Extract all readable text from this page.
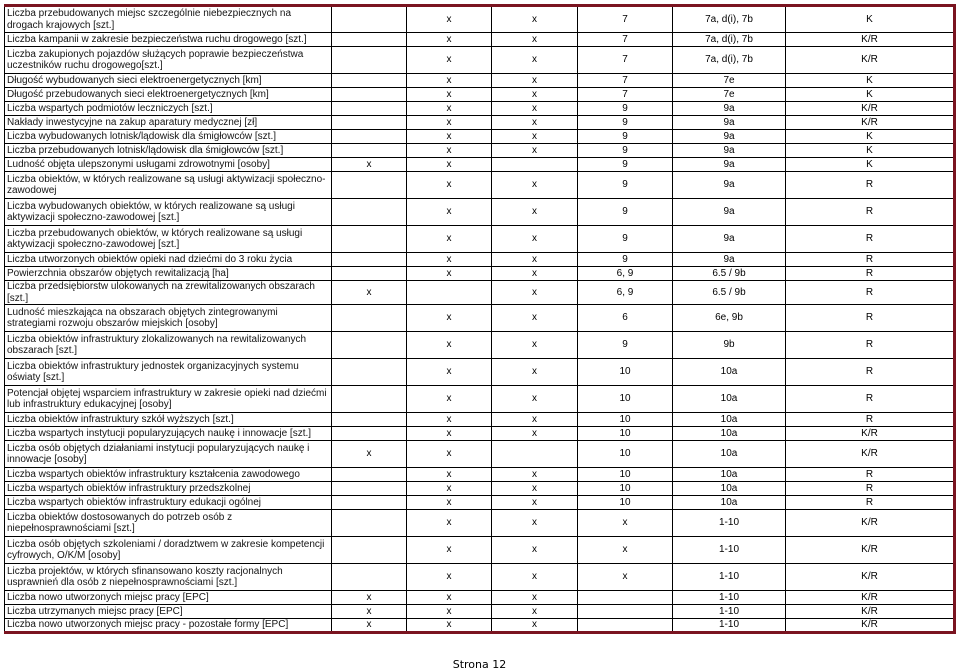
Liczba przebudowanych miejsc szczególnie niebezpiecznych na drogach krajowych [szt.]		x	x	7	7a, d(i), 7b	K
Liczba kampanii w zakresie bezpieczeństwa ruchu drogowego [szt.]		x	x	7	7a, d(i), 7b	K/R
Liczba zakupionych pojazdów służących poprawie bezpieczeństwa uczestników ruchu drogowego[szt.]		x	x	7	7a, d(i), 7b	K/R
Długość wybudowanych sieci elektroenergetycznych [km]		x	x	7	7e	K
Długość przebudowanych sieci elektroenergetycznych [km]		x	x	7	7e	K
Liczba wspartych podmiotów leczniczych [szt.]		x	x	9	9a	K/R
Nakłady inwestycyjne na zakup aparatury medycznej [zł]		x	x	9	9a	K/R
Liczba wybudowanych lotnisk/lądowisk dla śmigłowców [szt.]		x	x	9	9a	K
Liczba przebudowanych lotnisk/lądowisk dla śmigłowców [szt.]		x	x	9	9a	K
Ludność objęta ulepszonymi usługami zdrowotnymi [osoby]	x	x		9	9a	K
Liczba obiektów, w których realizowane są usługi aktywizacji społeczno-zawodowej		x	x	9	9a	R
Liczba wybudowanych obiektów, w których realizowane są usługi aktywizacji społeczno-zawodowej [szt.]		x	x	9	9a	R
Liczba przebudowanych obiektów, w których realizowane są usługi aktywizacji społeczno-zawodowej [szt.]		x	x	9	9a	R
Liczba utworzonych obiektów opieki nad dziećmi do 3 roku życia		x	x	9	9a	R
Powierzchnia obszarów objętych rewitalizacją [ha]		x	x	6, 9	6.5 / 9b	R
Liczba przedsiębiorstw ulokowanych na zrewitalizowanych obszarach [szt.]	x		x	6, 9	6.5 / 9b	R
Ludność mieszkająca na obszarach objętych zintegrowanymi strategiami rozwoju obszarów miejskich [osoby]		x	x	6	6e, 9b	R
Liczba obiektów infrastruktury zlokalizowanych na rewitalizowanych obszarach [szt.]		x	x	9	9b	R
Liczba obiektów infrastruktury jednostek organizacyjnych systemu oświaty [szt.]		x	x	10	10a	R
Potencjał objętej wsparciem infrastruktury w zakresie opieki nad dziećmi lub infrastruktury edukacyjnej [osoby]		x	x	10	10a	R
Liczba obiektów infrastruktury szkół wyższych [szt.]		x	x	10	10a	R
Liczba wspartych instytucji popularyzujących naukę i innowacje [szt.]		x	x	10	10a	K/R
Liczba osób objętych działaniami instytucji popularyzujących naukę i innowacje [osoby]	x	x		10	10a	K/R
Liczba wspartych obiektów infrastruktury kształcenia zawodowego		x	x	10	10a	R
Liczba wspartych obiektów infrastruktury przedszkolnej		x	x	10	10a	R
Liczba wspartych obiektów infrastruktury edukacji ogólnej		x	x	10	10a	R
Liczba obiektów dostosowanych do potrzeb osób z niepełnosprawnościami [szt.]		x	x	x	1-10	K/R
Liczba osób objętych szkoleniami / doradztwem w zakresie kompetencji cyfrowych, O/K/M [osoby]		x	x	x	1-10	K/R
Liczba projektów, w których sfinansowano koszty racjonalnych usprawnień dla osób z niepełnosprawnościami [szt.]		x	x	x	1-10	K/R
Liczba nowo utworzonych miejsc pracy [EPC]	x	x	x		1-10	K/R
Liczba utrzymanych miejsc pracy [EPC]	x	x	x		1-10	K/R
Liczba nowo utworzonych miejsc pracy - pozostałe formy [EPC]	x	x	x		1-10	K/R
Strona 12
